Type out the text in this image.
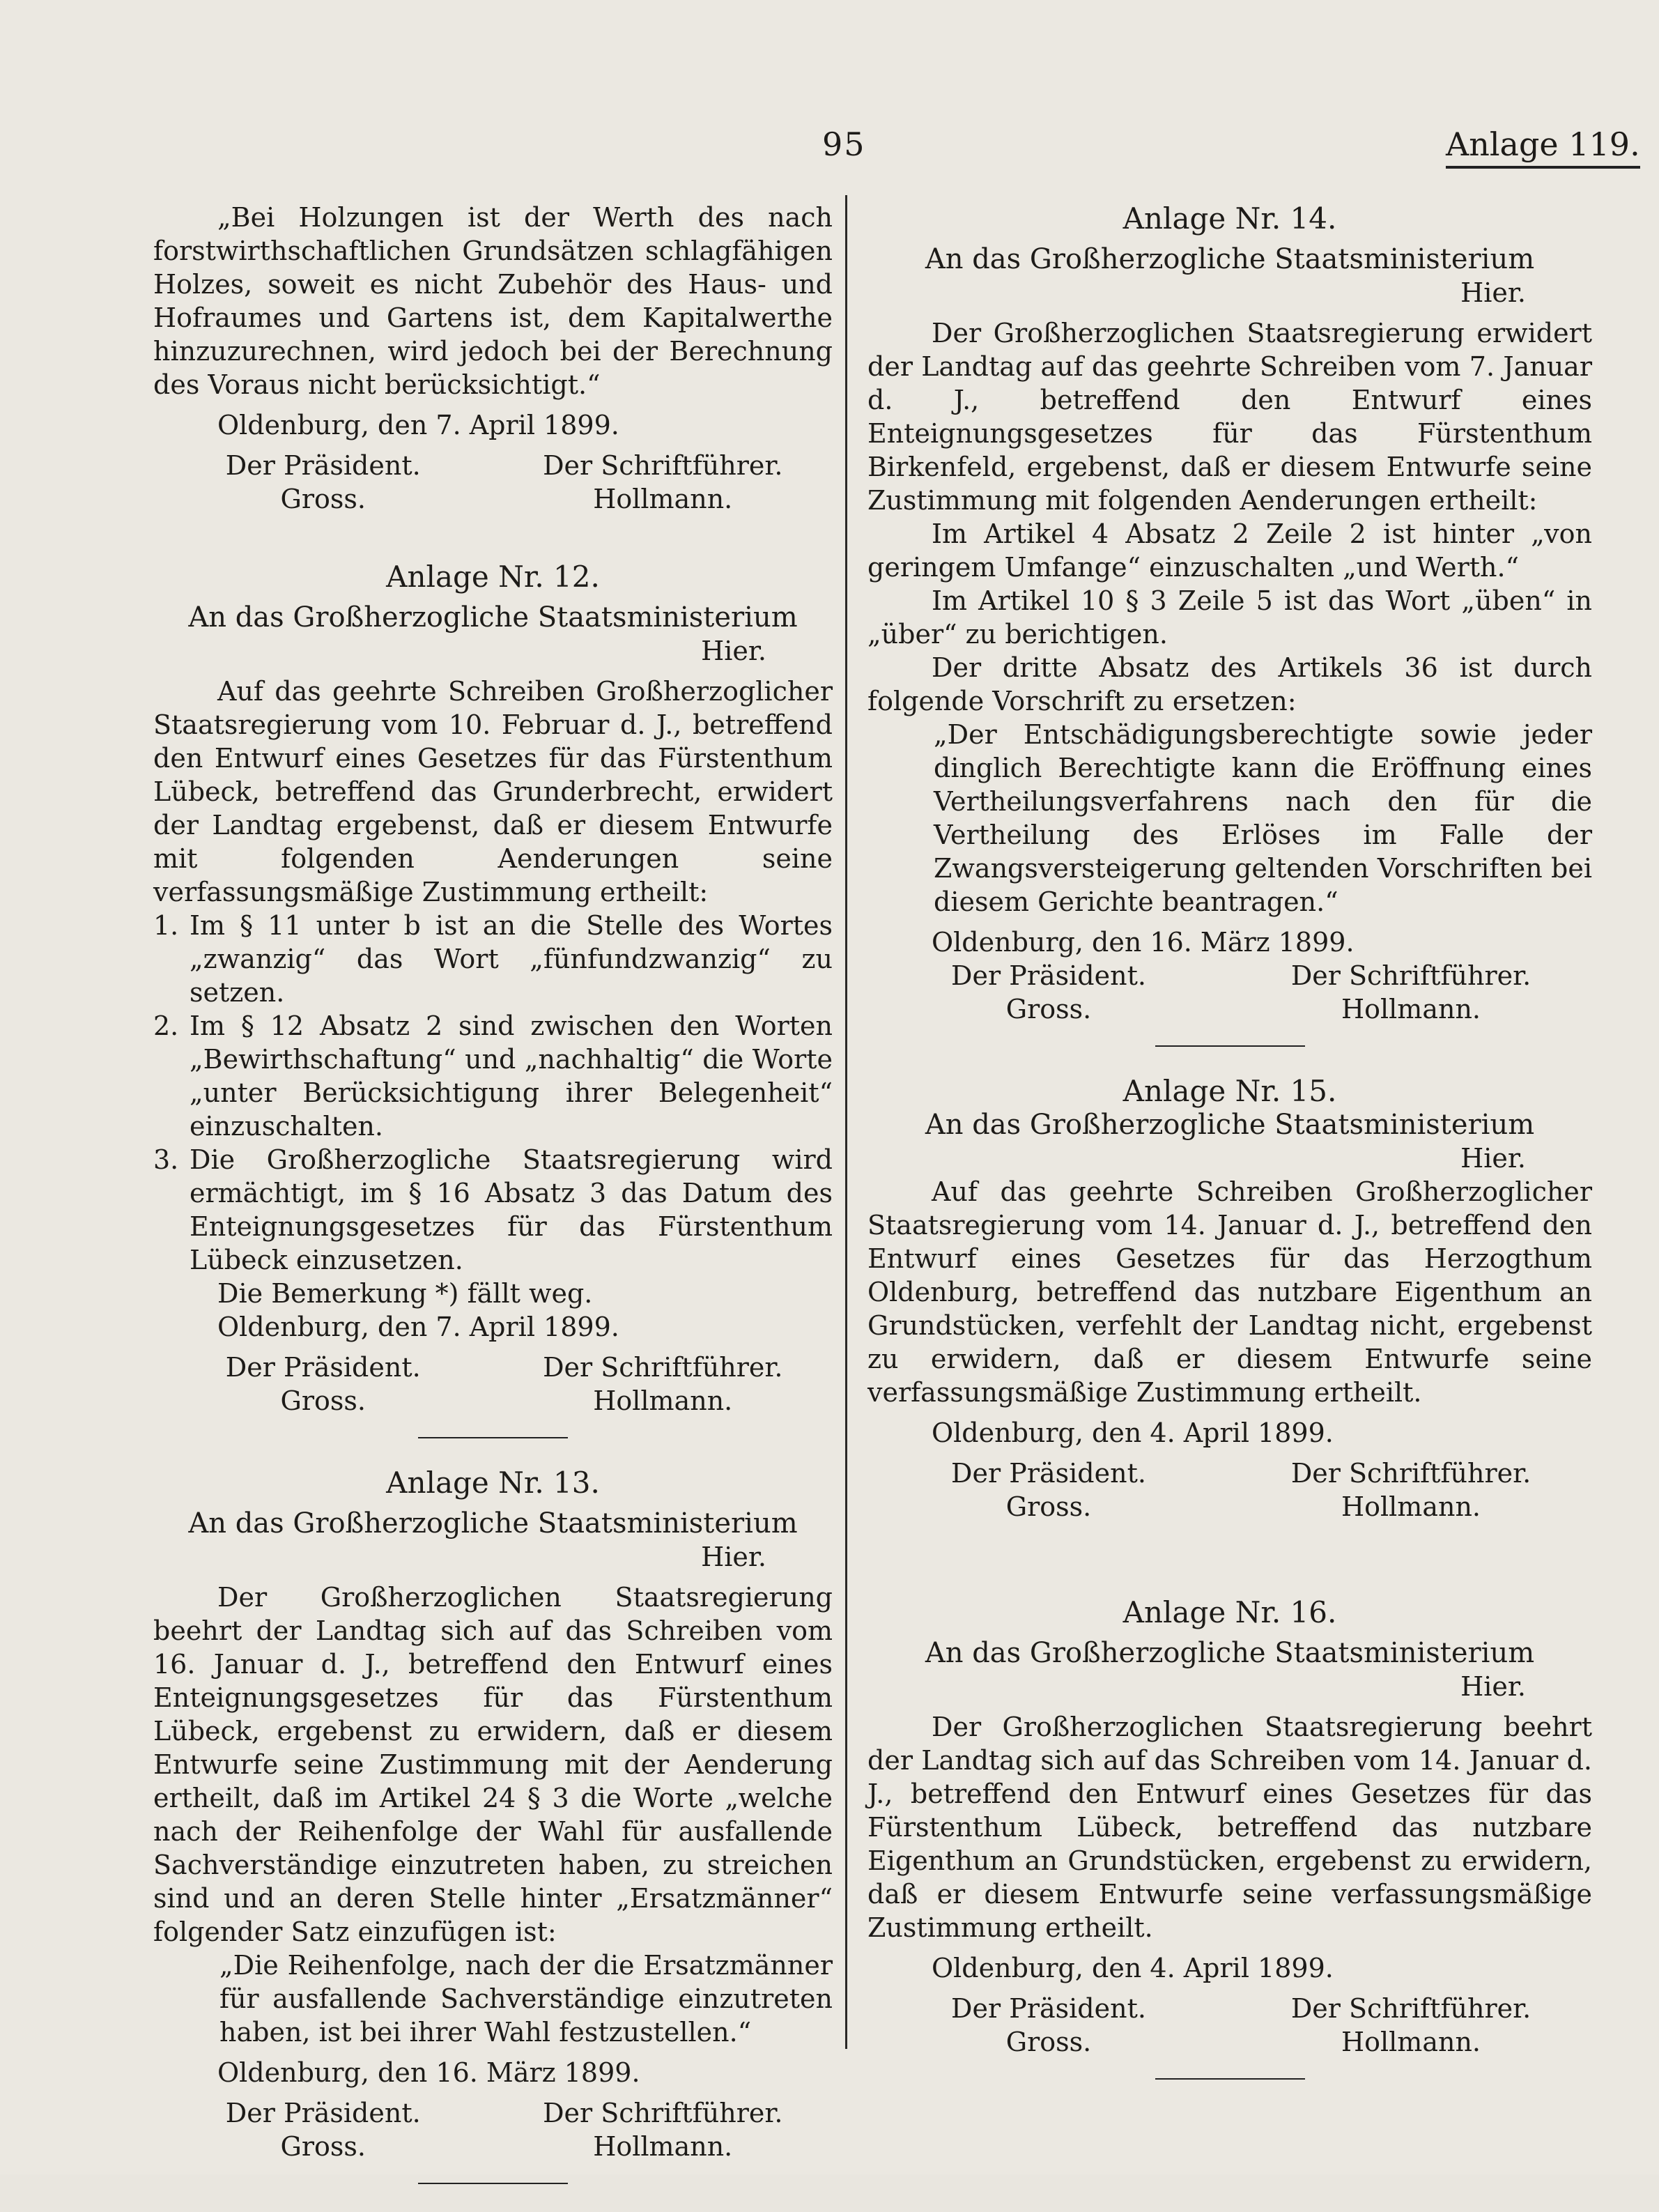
95	Anlage 119.

„Bei Holzungen ist der Werth des nach forstwirthschaftlichen Grundsätzen schlagfähigen Holzes, soweit es nicht Zubehör des Haus- und Hofraumes und Gartens ist, dem Kapitalwerthe hinzuzurechnen, wird jedoch bei der Berechnung des Voraus nicht berücksichtigt.“

Oldenburg, den 7. April 1899.

Der Präsident.	Der Schriftführer.
Gross.	Hollmann.
Anlage Nr. 12.
An das Großherzogliche Staatsministerium
Hier.

Auf das geehrte Schreiben Großherzoglicher Staatsregierung vom 10. Februar d. J., betreffend den Entwurf eines Gesetzes für das Fürstenthum Lübeck, betreffend das Grunderbrecht, erwidert der Landtag ergebenst, daß er diesem Entwurfe mit folgenden Aenderungen seine verfassungsmäßige Zustimmung ertheilt:

1. Im § 11 unter b ist an die Stelle des Wortes „zwanzig“ das Wort „fünfundzwanzig“ zu setzen.

2. Im § 12 Absatz 2 sind zwischen den Worten „Bewirthschaftung“ und „nachhaltig“ die Worte „unter Berücksichtigung ihrer Belegenheit“ einzuschalten.

3. Die Großherzogliche Staatsregierung wird ermächtigt, im § 16 Absatz 3 das Datum des Enteignungsgesetzes für das Fürstenthum Lübeck einzusetzen.

Die Bemerkung *) fällt weg.

Oldenburg, den 7. April 1899.

Der Präsident.	Der Schriftführer.
Gross.	Hollmann.
Anlage Nr. 13.
An das Großherzogliche Staatsministerium
Hier.

Der Großherzoglichen Staatsregierung beehrt der Landtag sich auf das Schreiben vom 16. Januar d. J., betreffend den Entwurf eines Enteignungsgesetzes für das Fürstenthum Lübeck, ergebenst zu erwidern, daß er diesem Entwurfe seine Zustimmung mit der Aenderung ertheilt, daß im Artikel 24 § 3 die Worte „welche nach der Reihenfolge der Wahl für ausfallende Sachverständige einzutreten haben, zu streichen sind und an deren Stelle hinter „Ersatzmänner“ folgender Satz einzufügen ist:

„Die Reihenfolge, nach der die Ersatzmänner für ausfallende Sachverständige einzutreten haben, ist bei ihrer Wahl festzustellen.“

Oldenburg, den 16. März 1899.

Der Präsident.	Der Schriftführer.
Gross.	Hollmann.
Anlage Nr. 14.
An das Großherzogliche Staatsministerium
Hier.

Der Großherzoglichen Staatsregierung erwidert der Landtag auf das geehrte Schreiben vom 7. Januar d. J., betreffend den Entwurf eines Enteignungsgesetzes für das Fürstenthum Birkenfeld, ergebenst, daß er diesem Entwurfe seine Zustimmung mit folgenden Aenderungen ertheilt:

Im Artikel 4 Absatz 2 Zeile 2 ist hinter „von geringem Umfange“ einzuschalten „und Werth.“

Im Artikel 10 § 3 Zeile 5 ist das Wort „üben“ in „über“ zu berichtigen.

Der dritte Absatz des Artikels 36 ist durch folgende Vorschrift zu ersetzen:

„Der Entschädigungsberechtigte sowie jeder dinglich Berechtigte kann die Eröffnung eines Vertheilungsverfahrens nach den für die Vertheilung des Erlöses im Falle der Zwangsversteigerung geltenden Vorschriften bei diesem Gerichte beantragen.“

Oldenburg, den 16. März 1899.

Der Präsident.	Der Schriftführer.
Gross.	Hollmann.
Anlage Nr. 15.
An das Großherzogliche Staatsministerium
Hier.

Auf das geehrte Schreiben Großherzoglicher Staatsregierung vom 14. Januar d. J., betreffend den Entwurf eines Gesetzes für das Herzogthum Oldenburg, betreffend das nutzbare Eigenthum an Grundstücken, verfehlt der Landtag nicht, ergebenst zu erwidern, daß er diesem Entwurfe seine verfassungsmäßige Zustimmung ertheilt.

Oldenburg, den 4. April 1899.

Der Präsident.	Der Schriftführer.
Gross.	Hollmann.
Anlage Nr. 16.
An das Großherzogliche Staatsministerium
Hier.

Der Großherzoglichen Staatsregierung beehrt der Landtag sich auf das Schreiben vom 14. Januar d. J., betreffend den Entwurf eines Gesetzes für das Fürstenthum Lübeck, betreffend das nutzbare Eigenthum an Grundstücken, ergebenst zu erwidern, daß er diesem Entwurfe seine verfassungsmäßige Zustimmung ertheilt.

Oldenburg, den 4. April 1899.

Der Präsident.	Der Schriftführer.
Gross.	Hollmann.
